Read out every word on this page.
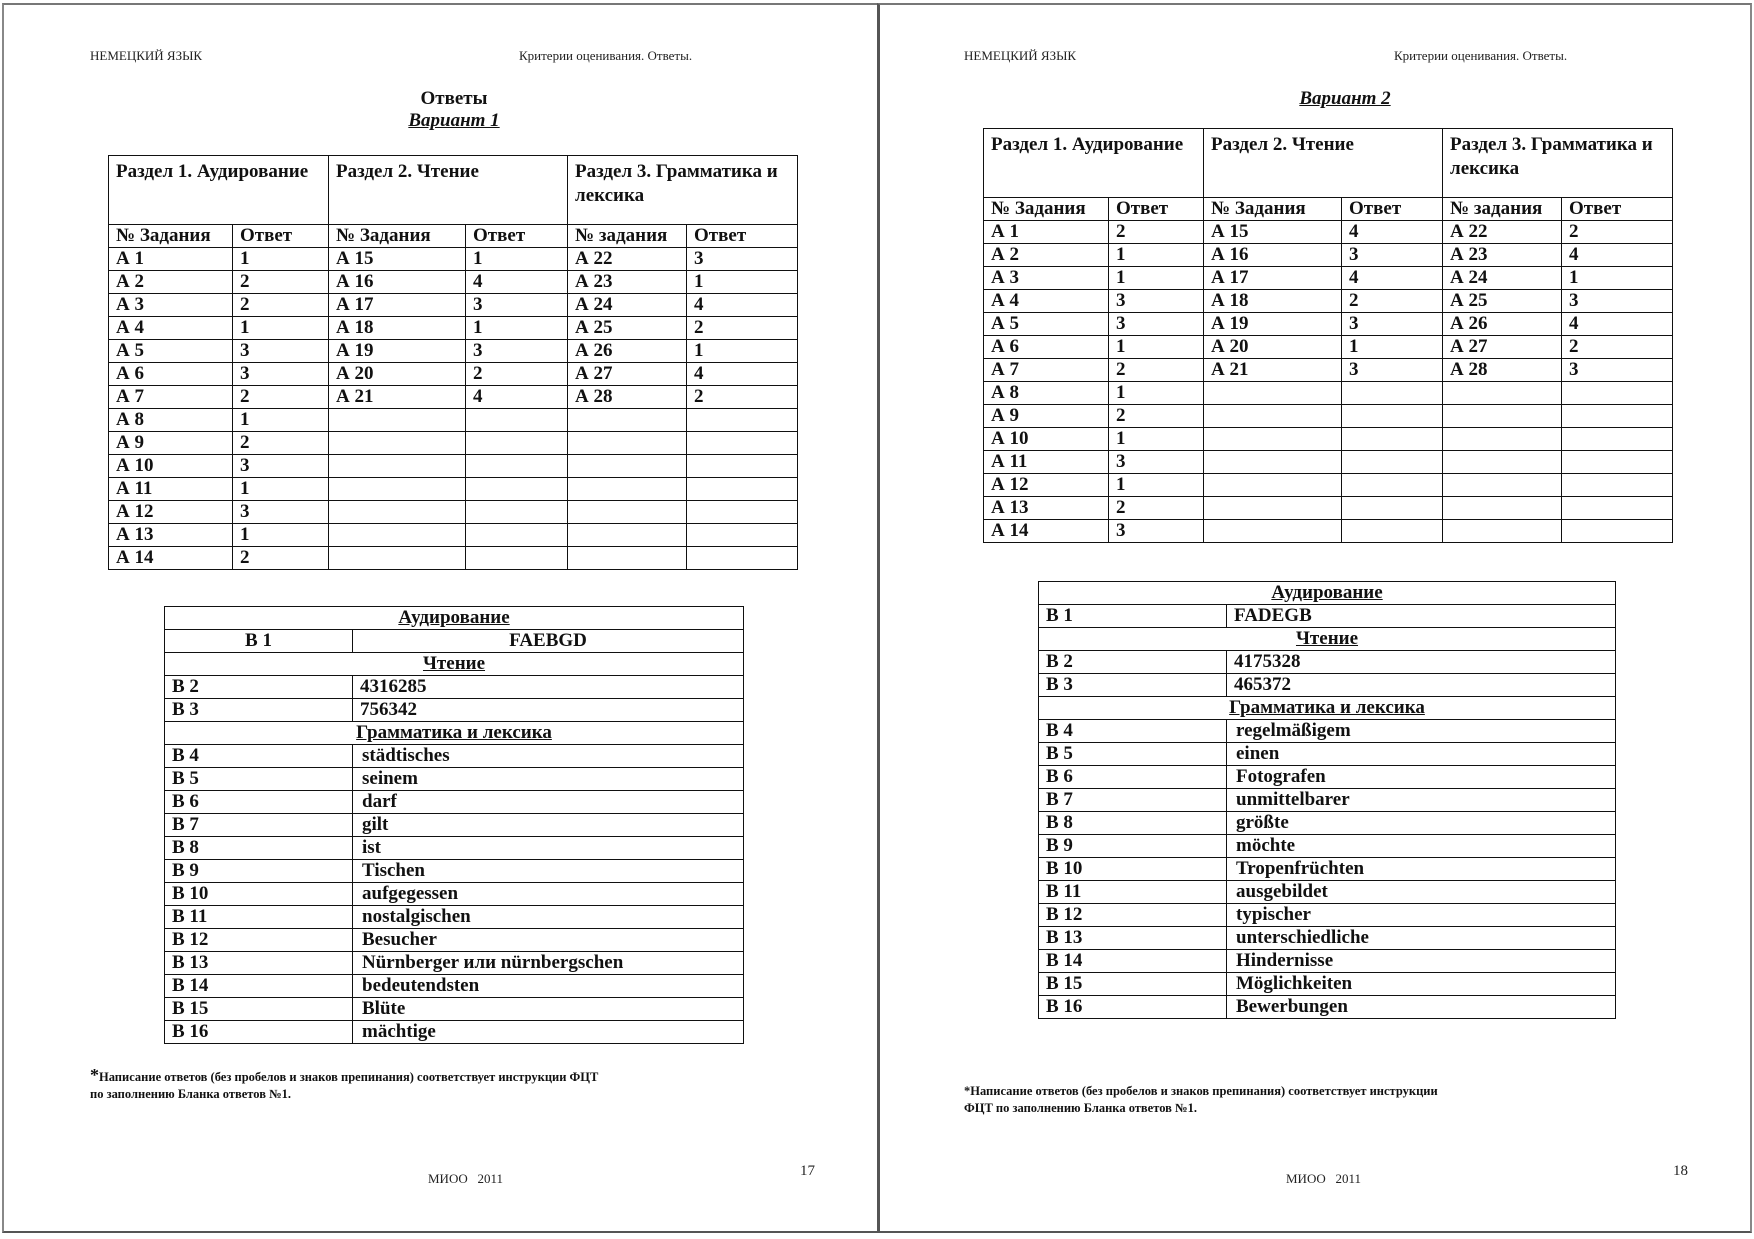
НЕМЕЦКИЙ ЯЗЫК	Критерии оценивания. Ответы.
Ответы
Вариант 1
Раздел 1. Аудирование		Раздел 2. Чтение		Раздел 3. Грамматика и лексика	
№ Задания	Ответ	№ Задания	Ответ	№ задания	Ответ
А 1	1	А 15	1	А 22	3
А 2	2	А 16	4	А 23	1
А 3	2	А 17	3	А 24	4
А 4	1	А 18	1	А 25	2
А 5	3	А 19	3	А 26	1
А 6	3	А 20	2	А 27	4
А 7	2	А 21	4	А 28	2
А 8	1				
А 9	2				
А 10	3				
А 11	1				
А 12	3				
А 13	1				
А 14	2				
Аудирование	
В 1	FAEBGD
Чтение	
В 2	4316285
В 3	756342
Грамматика и лексика	
В 4	städtisches
В 5	seinem
В 6	darf
В 7	gilt
В 8	ist
В 9	Tischen
В 10	aufgegessen
В 11	nostalgischen
В 12	Besucher
В 13	Nürnberger или nürnbergschen
В 14	bedeutendsten
В 15	Blüte
В 16	mächtige
*Написание ответов (без пробелов и знаков препинания) соответствует инструкции ФЦТ
по заполнению Бланка ответов №1.
МИОО   2011	17
НЕМЕЦКИЙ ЯЗЫК	Критерии оценивания. Ответы.
Вариант 2
Раздел 1. Аудирование		Раздел 2. Чтение		Раздел 3. Грамматика и лексика	
№ Задания	Ответ	№ Задания	Ответ	№ задания	Ответ
А 1	2	А 15	4	А 22	2
А 2	1	А 16	3	А 23	4
А 3	1	А 17	4	А 24	1
А 4	3	А 18	2	А 25	3
А 5	3	А 19	3	А 26	4
А 6	1	А 20	1	А 27	2
А 7	2	А 21	3	А 28	3
А 8	1				
А 9	2				
А 10	1				
А 11	3				
А 12	1				
А 13	2				
А 14	3				
Аудирование	
В 1	FADEGB
Чтение	
В 2	4175328
В 3	465372
Грамматика и лексика	
В 4	regelmäßigem
В 5	einen
В 6	Fotografen
В 7	unmittelbarer
В 8	größte
В 9	möchte
В 10	Tropenfrüchten
В 11	ausgebildet
В 12	typischer
В 13	unterschiedliche
В 14	Hindernisse
В 15	Möglichkeiten
В 16	Bewerbungen
*Написание ответов (без пробелов и знаков препинания) соответствует инструкции
ФЦТ по заполнению Бланка ответов №1.
МИОО   2011	18
